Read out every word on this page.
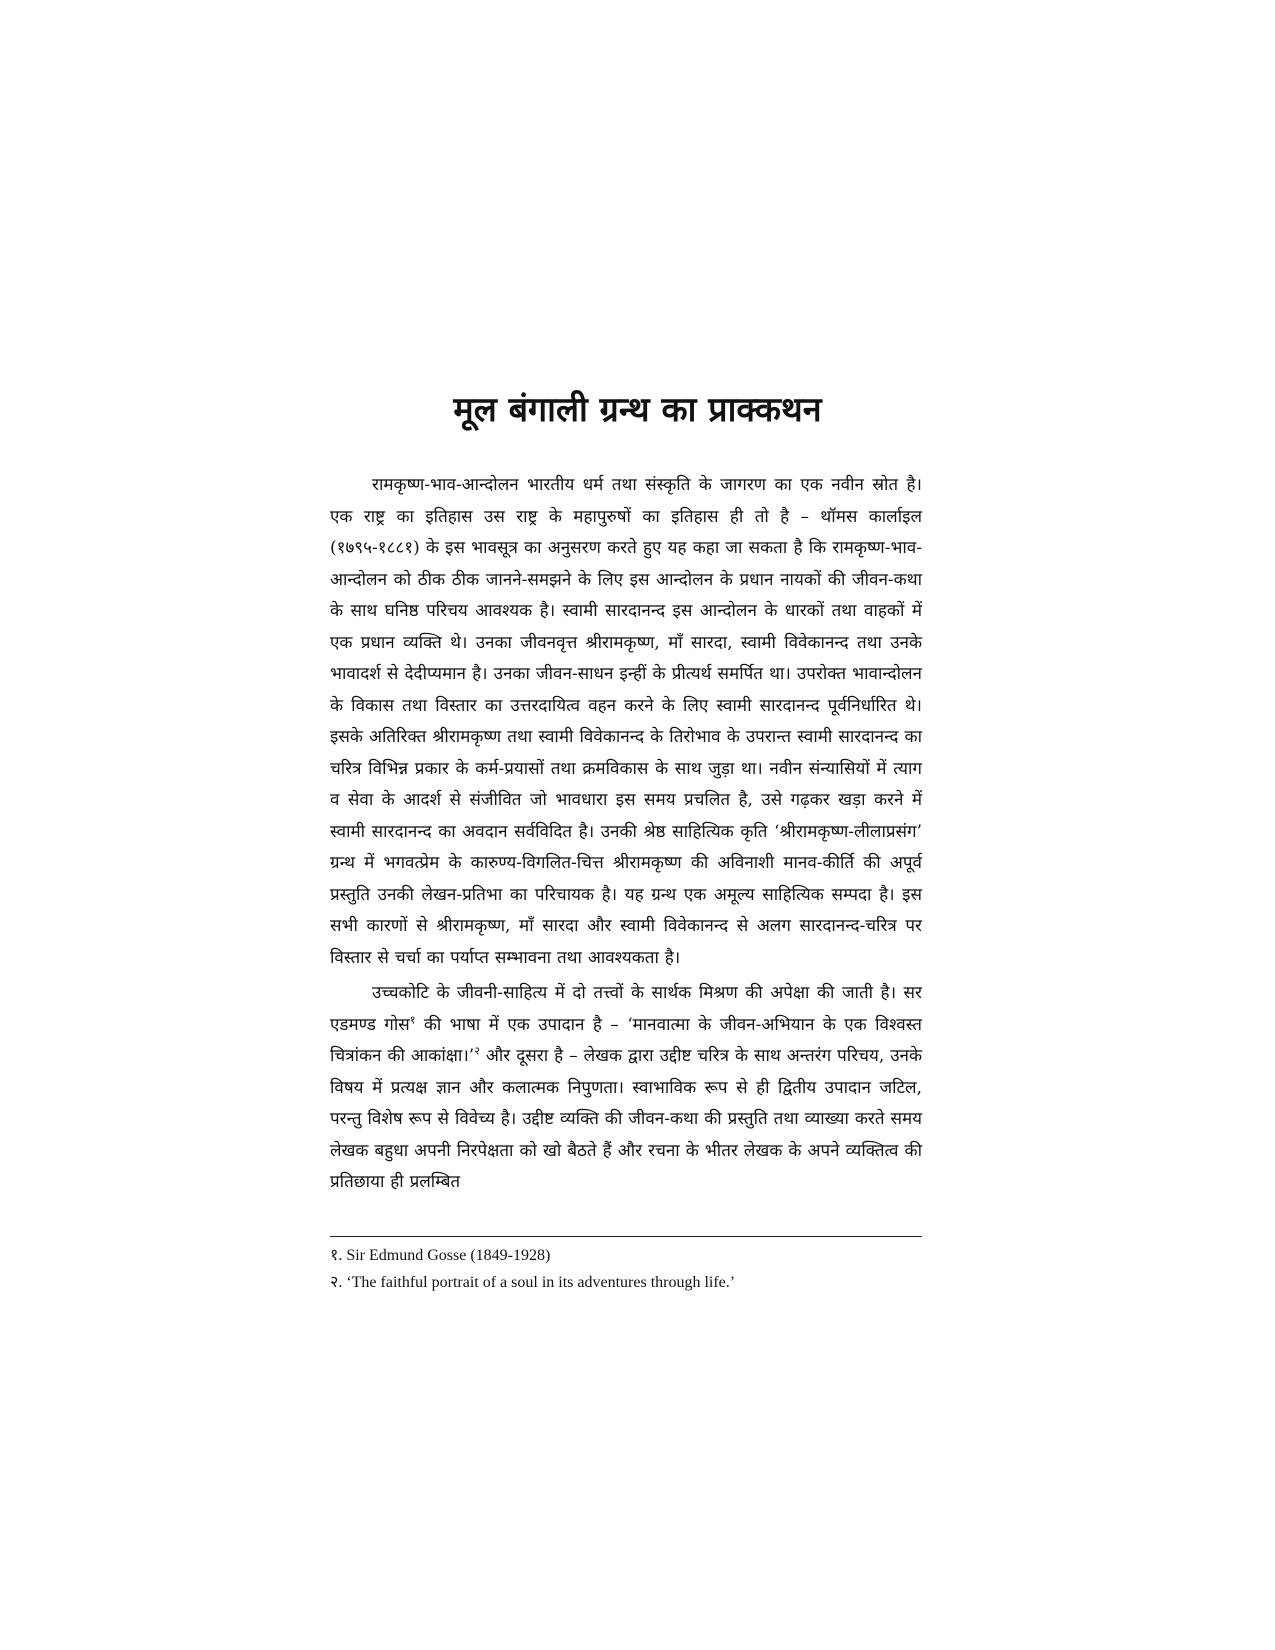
मूल बंगाली ग्रन्थ का प्राक्कथन

रामकृष्ण-भाव-आन्दोलन भारतीय धर्म तथा संस्कृति के जागरण का एक नवीन स्रोत है। एक राष्ट्र का इतिहास उस राष्ट्र के महापुरुषों का इतिहास ही तो है – थॉमस कार्लाइल (१७९५-१८८१) के इस भावसूत्र का अनुसरण करते हुए यह कहा जा सकता है कि रामकृष्ण-भाव-आन्दोलन को ठीक ठीक जानने-समझने के लिए इस आन्दोलन के प्रधान नायकों की जीवन-कथा के साथ घनिष्ठ परिचय आवश्यक है। स्वामी सारदानन्द इस आन्दोलन के धारकों तथा वाहकों में एक प्रधान व्यक्ति थे। उनका जीवनवृत्त श्रीरामकृष्ण, माँ सारदा, स्वामी विवेकानन्द तथा उनके भावादर्श से देदीप्यमान है। उनका जीवन-साधन इन्हीं के प्रीत्यर्थ समर्पित था। उपरोक्त भावान्दोलन के विकास तथा विस्तार का उत्तरदायित्व वहन करने के लिए स्वामी सारदानन्द पूर्वनिर्धारित थे। इसके अतिरिक्त श्रीरामकृष्ण तथा स्वामी विवेकानन्द के तिरोभाव के उपरान्त स्वामी सारदानन्द का चरित्र विभिन्न प्रकार के कर्म-प्रयासों तथा क्रमविकास के साथ जुड़ा था। नवीन संन्यासियों में त्याग व सेवा के आदर्श से संजीवित जो भावधारा इस समय प्रचलित है, उसे गढ़कर खड़ा करने में स्वामी सारदानन्द का अवदान सर्वविदित है। उनकी श्रेष्ठ साहित्यिक कृति ‘श्रीरामकृष्ण-लीलाप्रसंग’ ग्रन्थ में भगवत्प्रेम के कारुण्य-विगलित-चित्त श्रीरामकृष्ण की अविनाशी मानव-कीर्ति की अपूर्व प्रस्तुति उनकी लेखन-प्रतिभा का परिचायक है। यह ग्रन्थ एक अमूल्य साहित्यिक सम्पदा है। इस सभी कारणों से श्रीरामकृष्ण, माँ सारदा और स्वामी विवेकानन्द से अलग सारदानन्द-चरित्र पर विस्तार से चर्चा का पर्याप्त सम्भावना तथा आवश्यकता है।

उच्चकोटि के जीवनी-साहित्य में दो तत्त्वों के सार्थक मिश्रण की अपेक्षा की जाती है। सर एडमण्ड गोस$^१$ की भाषा में एक उपादान है – ‘मानवात्मा के जीवन-अभियान के एक विश्वस्त चित्रांकन की आकांक्षा।’$^२$ और दूसरा है – लेखक द्वारा उद्दीष्ट चरित्र के साथ अन्तरंग परिचय, उनके विषय में प्रत्यक्ष ज्ञान और कलात्मक निपुणता। स्वाभाविक रूप से ही द्वितीय उपादान जटिल, परन्तु विशेष रूप से विवेच्य है। उद्दीष्ट व्यक्ति की जीवन-कथा की प्रस्तुति तथा व्याख्या करते समय लेखक बहुधा अपनी निरपेक्षता को खो बैठते हैं और रचना के भीतर लेखक के अपने व्यक्तित्व की प्रतिछाया ही प्रलम्बित

१. Sir Edmund Gosse (1849-1928)
२. ‘The faithful portrait of a soul in its adventures through life.’
